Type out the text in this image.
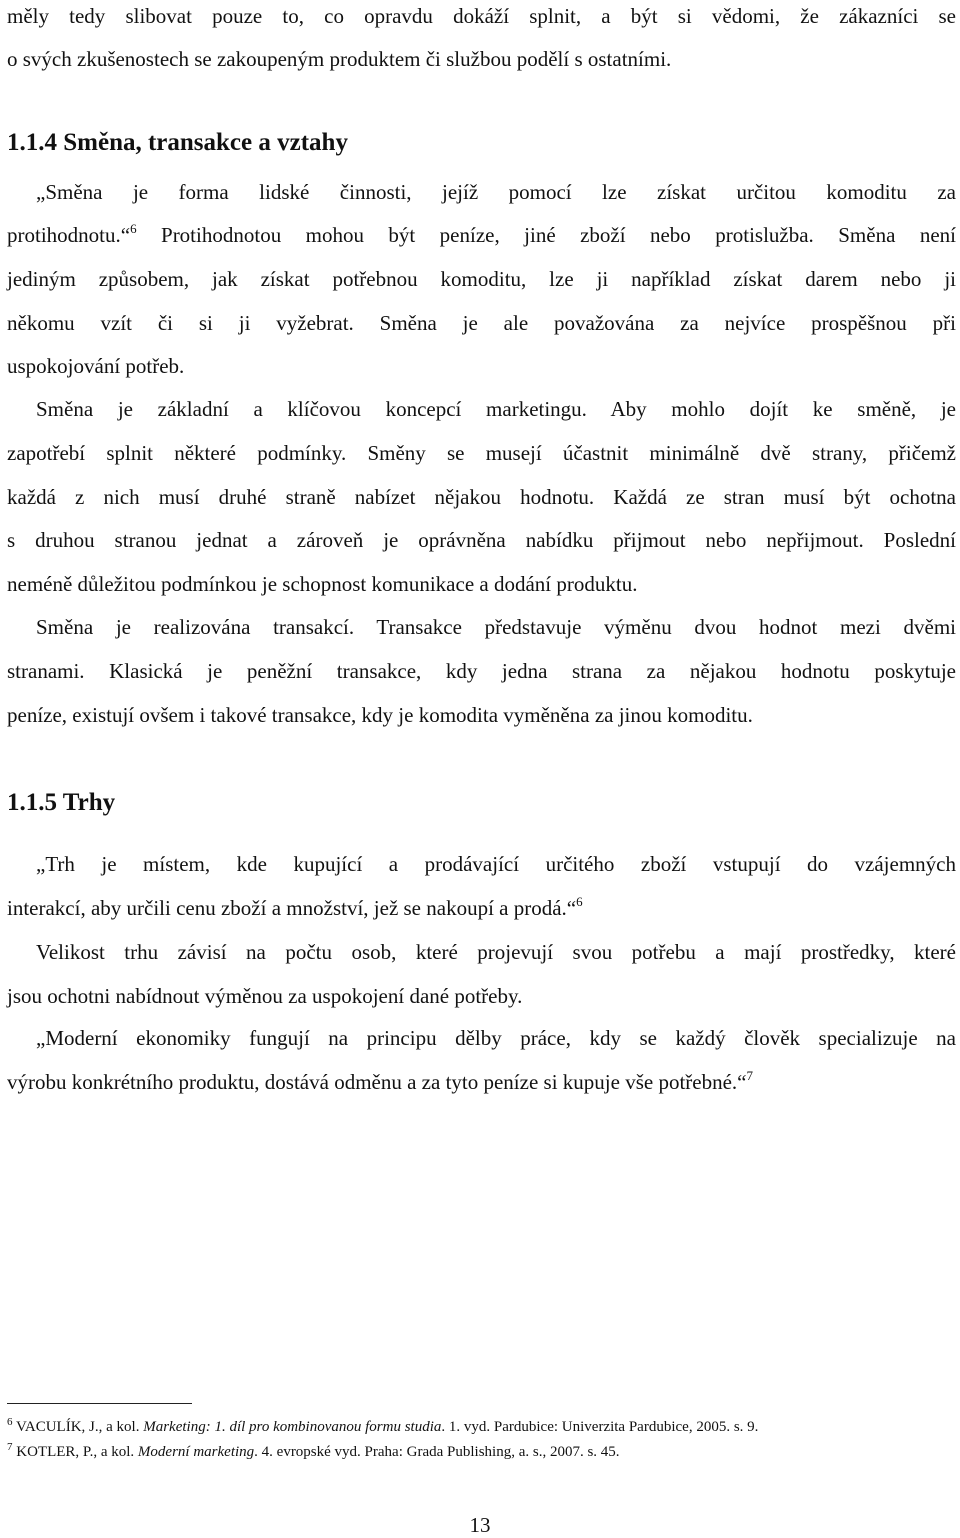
měly tedy slibovat pouze to, co opravdu dokáží splnit, a být si vědomi, že zákazníci se
o svých zkušenostech se zakoupeným produktem či službou podělí s ostatními.
1.1.4 Směna, transakce a vztahy
„Směna je forma lidské činnosti, jejíž pomocí lze získat určitou komoditu za
protihodnotu.“$^6$ Protihodnotou mohou být peníze, jiné zboží nebo protislužba. Směna není
jediným způsobem, jak získat potřebnou komoditu, lze ji například získat darem nebo ji
někomu vzít či si ji vyžebrat. Směna je ale považována za nejvíce prospěšnou při
uspokojování potřeb.
Směna je základní a klíčovou koncepcí marketingu. Aby mohlo dojít ke směně, je
zapotřebí splnit některé podmínky. Směny se musejí účastnit minimálně dvě strany, přičemž
každá z nich musí druhé straně nabízet nějakou hodnotu. Každá ze stran musí být ochotna
s druhou stranou jednat a zároveň je oprávněna nabídku přijmout nebo nepřijmout. Poslední
neméně důležitou podmínkou je schopnost komunikace a dodání produktu.
Směna je realizována transakcí. Transakce představuje výměnu dvou hodnot mezi dvěmi
stranami. Klasická je peněžní transakce, kdy jedna strana za nějakou hodnotu poskytuje
peníze, existují ovšem i takové transakce, kdy je komodita vyměněna za jinou komoditu.
1.1.5 Trhy
„Trh je místem, kde kupující a prodávající určitého zboží vstupují do vzájemných
interakcí, aby určili cenu zboží a množství, jež se nakoupí a prodá.“$^6$
Velikost trhu závisí na počtu osob, které projevují svou potřebu a mají prostředky, které
jsou ochotni nabídnout výměnou za uspokojení dané potřeby.
„Moderní ekonomiky fungují na principu dělby práce, kdy se každý člověk specializuje na
výrobu konkrétního produktu, dostává odměnu a za tyto peníze si kupuje vše potřebné.“$^7$
$^6$ VACULÍK, J., a kol. Marketing: 1. díl pro kombinovanou formu studia. 1. vyd. Pardubice: Univerzita Pardubice, 2005. s. 9.
$^7$ KOTLER, P., a kol. Moderní marketing. 4. evropské vyd. Praha: Grada Publishing, a. s., 2007. s. 45.
13
